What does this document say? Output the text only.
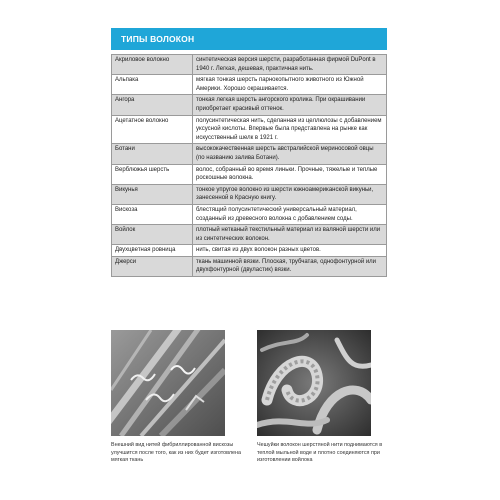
ТИПЫ ВОЛОКОН
Акриловое волокно	синтетическая версия шерсти, разработанная фирмой DuPont в 1940 г. Легкая, дешевая, практичная нить.
Альпака	мягкая тонкая шерсть парнокопытного животного из Южной Америки. Хорошо окрашивается.
Ангора	тонкая легкая шерсть ангорского кролика. При окрашивании приобретает красивый оттенок.
Ацетатное волокно	полусинтетическая нить, сделанная из целлюлозы с добавлением уксусной кислоты. Впервые была представлена на рынке как искусственный шелк в 1921 г.
Ботани	высококачественная шерсть австралийской мериносовой овцы (по названию залива Ботани).
Верблюжья шерсть	волос, собранный во время линьки. Прочные, тяжелые и теплые роскошные волокна.
Викунья	тонкое упругое волокно из шерсти южноамериканской викуньи, занесенной в Красную книгу.
Вискоза	блестящий полусинтетический универсальный материал, созданный из древесного волокна с добавлением соды.
Войлок	плотный нетканый текстильный материал из валяной шерсти или из синтетических волокон.
Двухцветная ровница	нить, свитая из двух волокон разных цветов.
Джерси	ткань машинной вязки. Плоская, трубчатая, однофонтурной или двухфонтурной (двуластик) вязки.
Внешний вид нитей фибриллированной вискозы улучшится после того, как из них будет изготовлена мягкая ткань
Чешуйки волокон шерстяной нити поднимаются в теплой мыльной воде и плотно соединяются при изготовлении войлока
